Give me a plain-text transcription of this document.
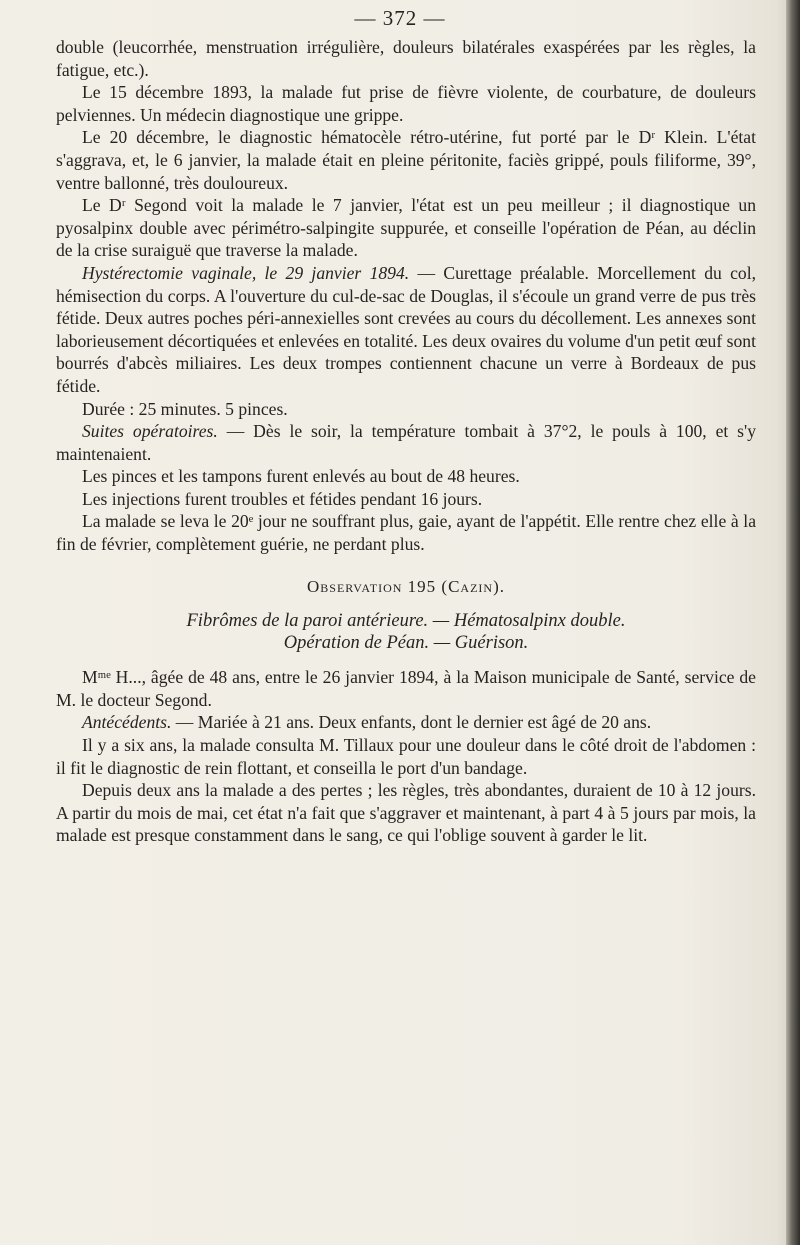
— 372 —

double (leucorrhée, menstruation irrégulière, douleurs bilatérales exaspérées par les règles, la fatigue, etc.).

Le 15 décembre 1893, la malade fut prise de fièvre violente, de courbature, de douleurs pelviennes. Un médecin diagnostique une grippe.

Le 20 décembre, le diagnostic hématocèle rétro-utérine, fut porté par le Dʳ Klein. L'état s'aggrava, et, le 6 janvier, la malade était en pleine péritonite, faciès grippé, pouls filiforme, 39°, ventre ballonné, très douloureux.

Le Dʳ Segond voit la malade le 7 janvier, l'état est un peu meilleur ; il diagnostique un pyosalpinx double avec périmétro-salpingite suppurée, et conseille l'opération de Péan, au déclin de la crise suraiguë que traverse la malade.

Hystérectomie vaginale, le 29 janvier 1894. — Curettage préalable. Morcellement du col, hémisection du corps. A l'ouverture du cul-de-sac de Douglas, il s'écoule un grand verre de pus très fétide. Deux autres poches péri-annexielles sont crevées au cours du décollement. Les annexes sont laborieusement décortiquées et enlevées en totalité. Les deux ovaires du volume d'un petit œuf sont bourrés d'abcès miliaires. Les deux trompes contiennent chacune un verre à Bordeaux de pus fétide.

Durée : 25 minutes. 5 pinces.

Suites opératoires. — Dès le soir, la température tombait à 37°2, le pouls à 100, et s'y maintenaient.

Les pinces et les tampons furent enlevés au bout de 48 heures.

Les injections furent troubles et fétides pendant 16 jours.

La malade se leva le 20ᵉ jour ne souffrant plus, gaie, ayant de l'appétit. Elle rentre chez elle à la fin de février, complètement guérie, ne perdant plus.

Observation 195 (Cazin).
Fibrômes de la paroi antérieure. — Hématosalpinx double.
Opération de Péan. — Guérison.

Mᵐᵉ H..., âgée de 48 ans, entre le 26 janvier 1894, à la Maison municipale de Santé, service de M. le docteur Segond.

Antécédents. — Mariée à 21 ans. Deux enfants, dont le dernier est âgé de 20 ans.

Il y a six ans, la malade consulta M. Tillaux pour une douleur dans le côté droit de l'abdomen : il fit le diagnostic de rein flottant, et conseilla le port d'un bandage.

Depuis deux ans la malade a des pertes ; les règles, très abondantes, duraient de 10 à 12 jours. A partir du mois de mai, cet état n'a fait que s'aggraver et maintenant, à part 4 à 5 jours par mois, la malade est presque constamment dans le sang, ce qui l'oblige souvent à garder le lit.
